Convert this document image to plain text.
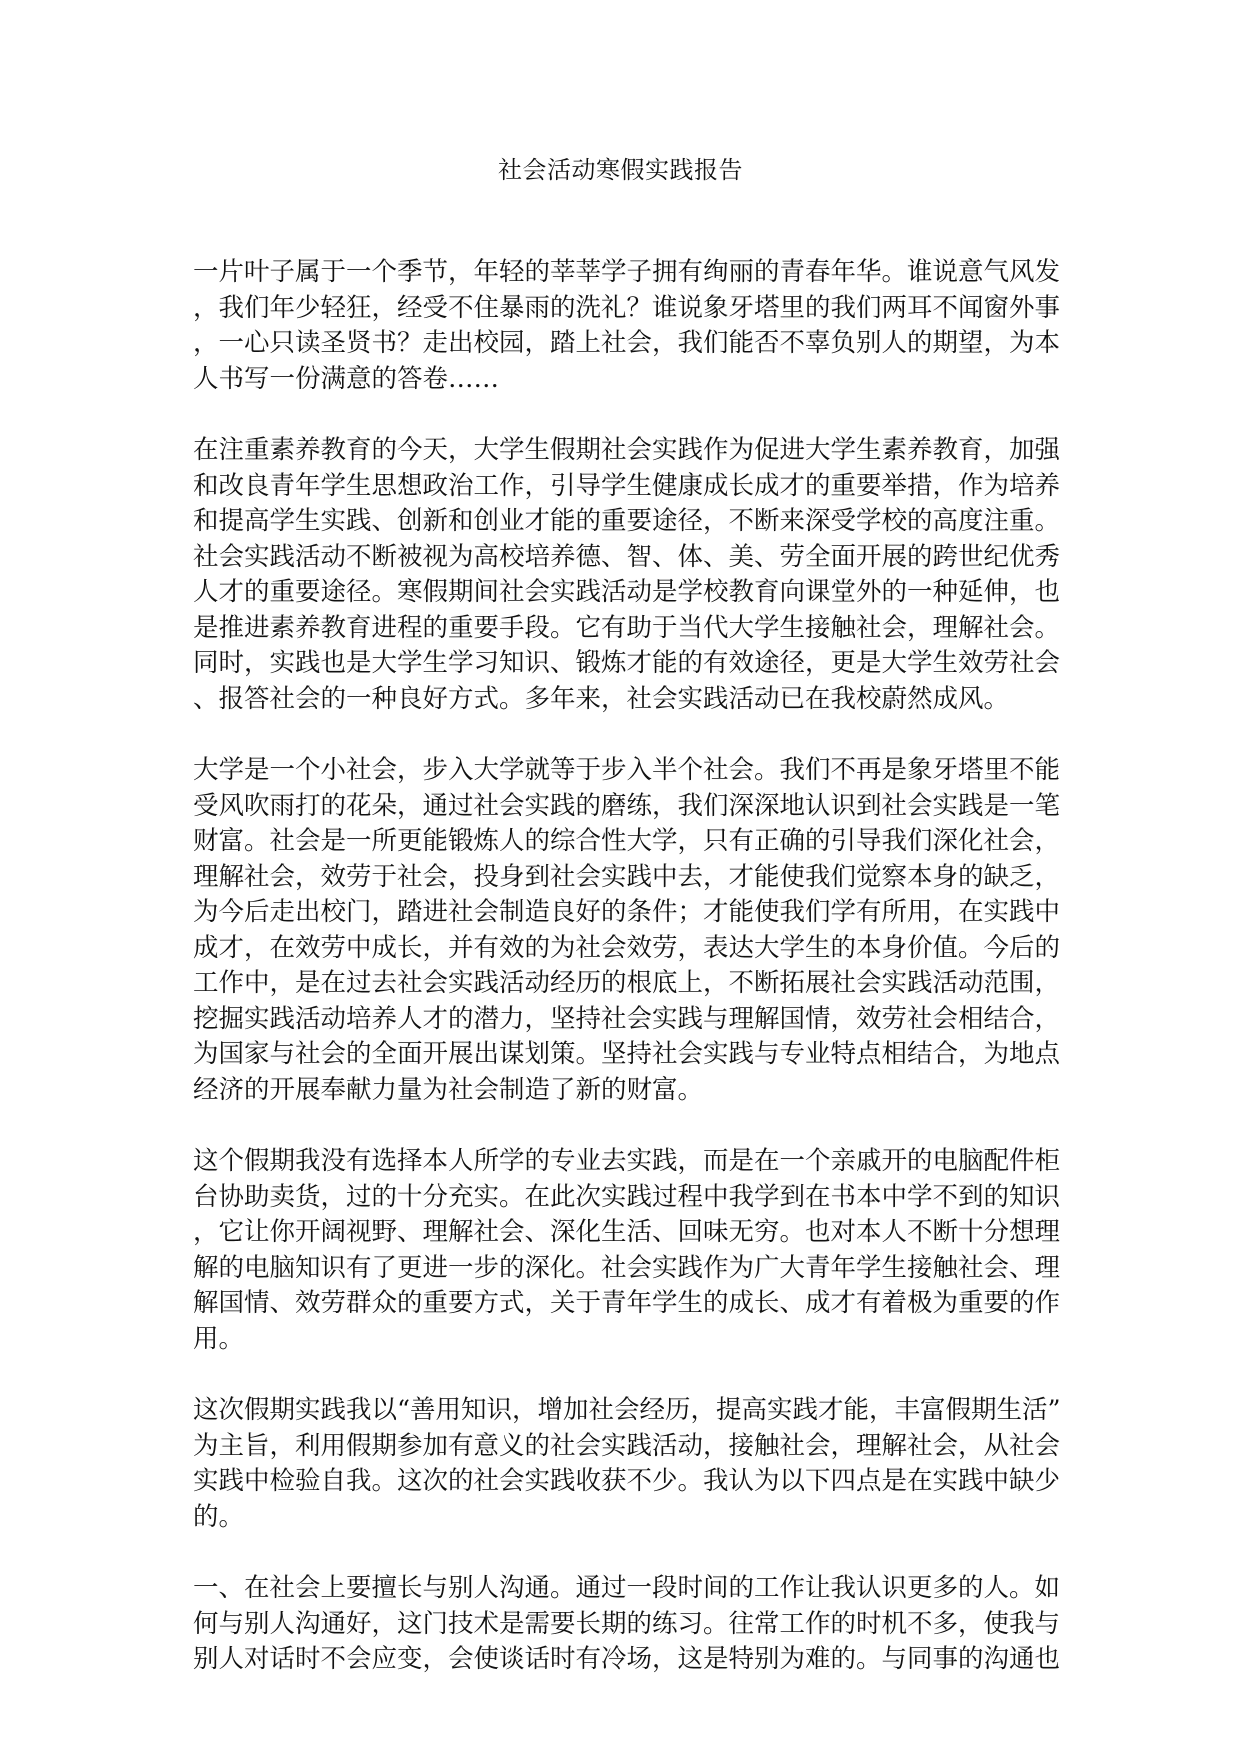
社会活动寒假实践报告
一片叶子属于一个季节，年轻的莘莘学子拥有绚丽的青春年华。谁说意气风发
，我们年少轻狂，经受不住暴雨的洗礼？谁说象牙塔里的我们两耳不闻窗外事
，一心只读圣贤书？走出校园，踏上社会，我们能否不辜负别人的期望，为本
人书写一份满意的答卷……
在注重素养教育的今天，大学生假期社会实践作为促进大学生素养教育，加强
和改良青年学生思想政治工作，引导学生健康成长成才的重要举措，作为培养
和提高学生实践、创新和创业才能的重要途径，不断来深受学校的高度注重。
社会实践活动不断被视为高校培养德、智、体、美、劳全面开展的跨世纪优秀
人才的重要途径。寒假期间社会实践活动是学校教育向课堂外的一种延伸，也
是推进素养教育进程的重要手段。它有助于当代大学生接触社会，理解社会。
同时，实践也是大学生学习知识、锻炼才能的有效途径，更是大学生效劳社会
、报答社会的一种良好方式。多年来，社会实践活动已在我校蔚然成风。
大学是一个小社会，步入大学就等于步入半个社会。我们不再是象牙塔里不能
受风吹雨打的花朵，通过社会实践的磨练，我们深深地认识到社会实践是一笔
财富。社会是一所更能锻炼人的综合性大学，只有正确的引导我们深化社会，
理解社会，效劳于社会，投身到社会实践中去，才能使我们觉察本身的缺乏，
为今后走出校门，踏进社会制造良好的条件；才能使我们学有所用，在实践中
成才，在效劳中成长，并有效的为社会效劳，表达大学生的本身价值。今后的
工作中，是在过去社会实践活动经历的根底上，不断拓展社会实践活动范围，
挖掘实践活动培养人才的潜力，坚持社会实践与理解国情，效劳社会相结合，
为国家与社会的全面开展出谋划策。坚持社会实践与专业特点相结合，为地点
经济的开展奉献力量为社会制造了新的财富。
这个假期我没有选择本人所学的专业去实践，而是在一个亲戚开的电脑配件柜
台协助卖货，过的十分充实。在此次实践过程中我学到在书本中学不到的知识
，它让你开阔视野、理解社会、深化生活、回味无穷。也对本人不断十分想理
解的电脑知识有了更进一步的深化。社会实践作为广大青年学生接触社会、理
解国情、效劳群众的重要方式，关于青年学生的成长、成才有着极为重要的作
用。
这次假期实践我以“善用知识，增加社会经历，提高实践才能，丰富假期生活”
为主旨，利用假期参加有意义的社会实践活动，接触社会，理解社会，从社会
实践中检验自我。这次的社会实践收获不少。我认为以下四点是在实践中缺少
的。
一、在社会上要擅长与别人沟通。通过一段时间的工作让我认识更多的人。如
何与别人沟通好，这门技术是需要长期的练习。往常工作的时机不多，使我与
别人对话时不会应变，会使谈话时有冷场，这是特别为难的。与同事的沟通也
